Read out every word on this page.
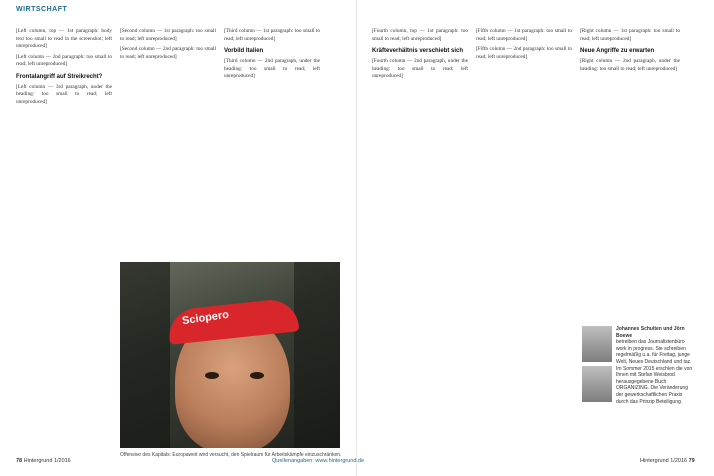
WIRTSCHAFT

[Left column, top — 1st paragraph: body text too small to read in the screenshot; left unreproduced]

[Left column — 2nd paragraph: too small to read; left unreproduced]

Frontalangriff auf Streikrecht?

[Left column — 3rd paragraph, under the heading: too small to read; left unreproduced]

[Second column — 1st paragraph: too small to read; left unreproduced]

[Second column — 2nd paragraph: too small to read; left unreproduced]

[Third column — 1st paragraph: too small to read; left unreproduced]

Vorbild Italien

[Third column — 2nd paragraph, under the heading: too small to read; left unreproduced]

Sciopero
Offensive des Kapitals: Europaweit wird versucht, den Spielraum für Arbeitskämpfe einzuschränken.

[Fourth column, top — 1st paragraph: too small to read; left unreproduced]

Kräfteverhältnis verschiebt sich

[Fourth column — 2nd paragraph, under the heading: too small to read; left unreproduced]

[Fifth column — 1st paragraph: too small to read; left unreproduced]

[Fifth column — 2nd paragraph: too small to read; left unreproduced]

[Right column — 1st paragraph: too small to read; left unreproduced]

Neue Angriffe zu erwarten

[Right column — 2nd paragraph, under the heading: too small to read; left unreproduced]

Johannes Schulten und Jörn Boewe
betreiben das Journalistenbüro work in progress. Sie schreiben regelmäßig u.a. für Freitag, junge Welt, Neues Deutschland und taz. Im Sommer 2015 erschien die von Ihnen mit Stefan Weisbrod herausgegebene Buch ORGANIZING. Die Veränderung der gewerkschaftlichen Praxis durch das Prinzip Beteiligung.
78 Hintergrund 1/2016	Quellenangaben: www.hintergrund.de	Hintergrund 1/2016 79
